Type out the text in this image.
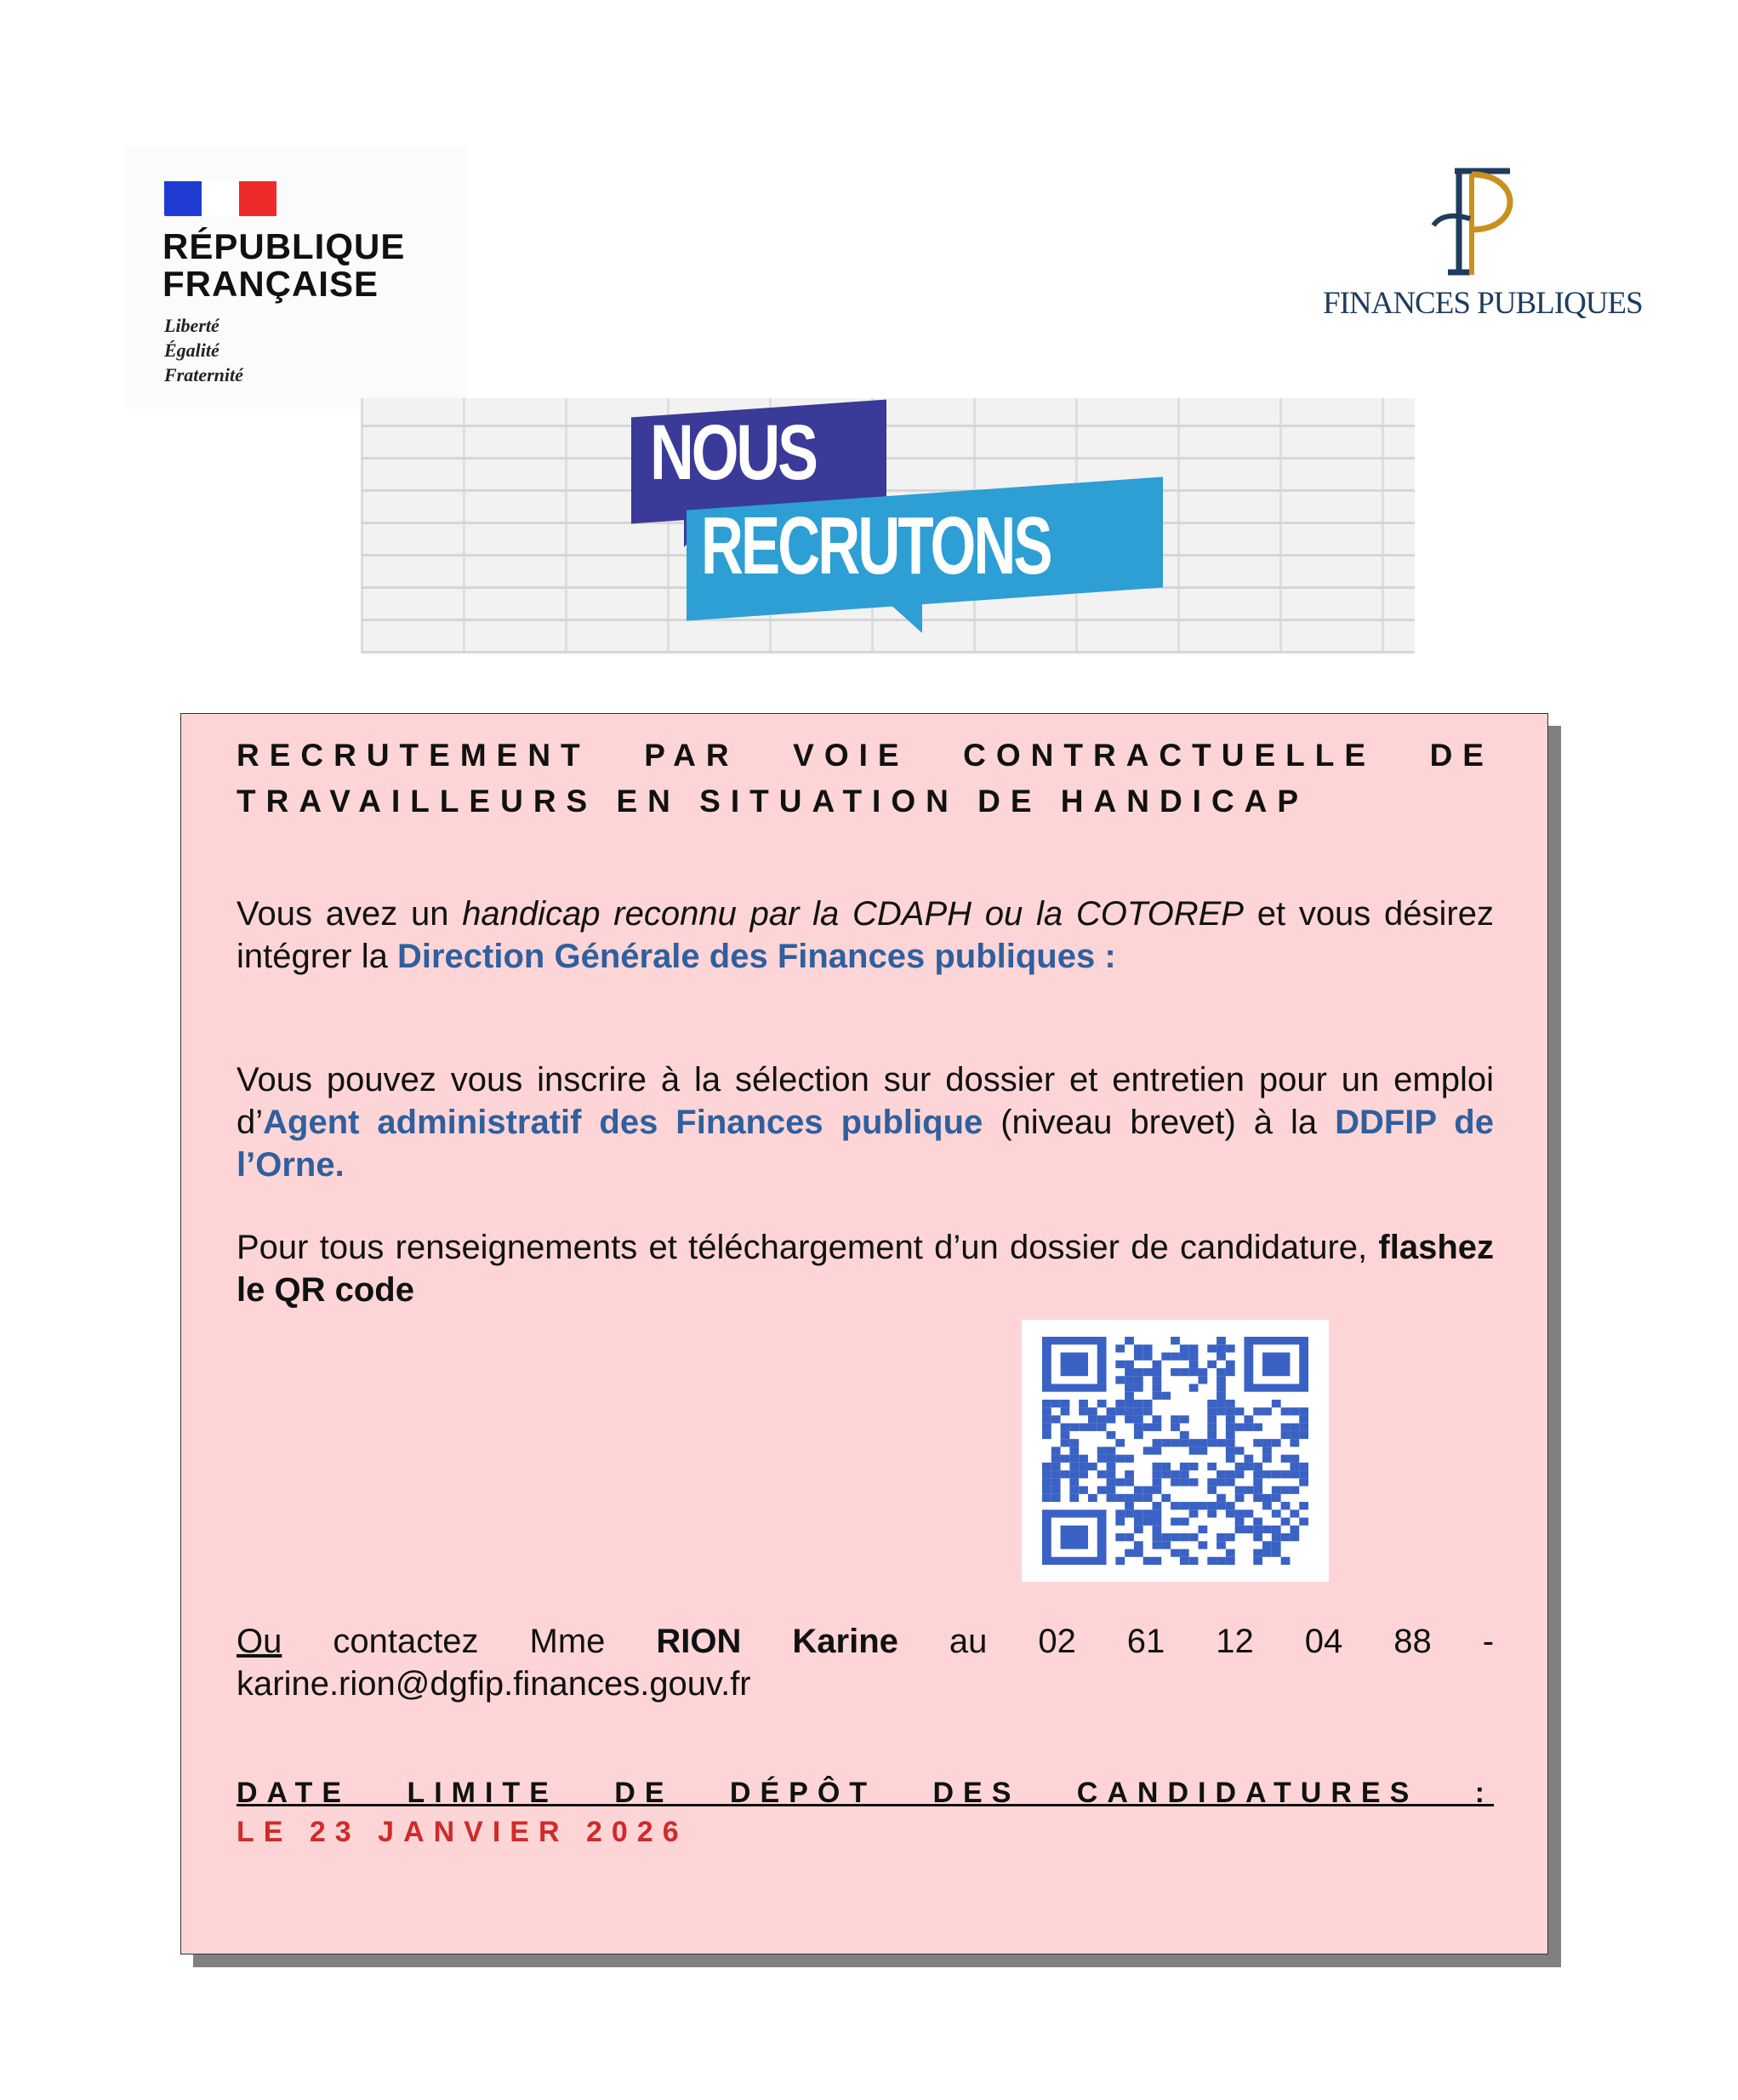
RÉPUBLIQUE
FRANÇAISE
Liberté
Égalité
Fraternité
FINANCES PUBLIQUES
NOUS
RECRUTONS
RECRUTEMENT PAR VOIE CONTRACTUELLE DE TRAVAILLEURS EN SITUATION DE HANDICAP
Vous avez un handicap reconnu par la CDAPH ou la COTOREP et vous désirez intégrer la Direction Générale des Finances publiques :
Vous pouvez vous inscrire à la sélection sur dossier et entretien pour un emploi d’Agent administratif des Finances publique (niveau brevet) à la DDFIP de l’Orne.
Pour tous renseignements et téléchargement d’un dossier de candidature, flashez le QR code
Ou contactez Mme RION Karine au 02 61 12 04 88 - karine.rion@dgfip.finances.gouv.fr
DATE LIMITE DE DÉPÔT DES CANDIDATURES :
LE 23 JANVIER 2026
